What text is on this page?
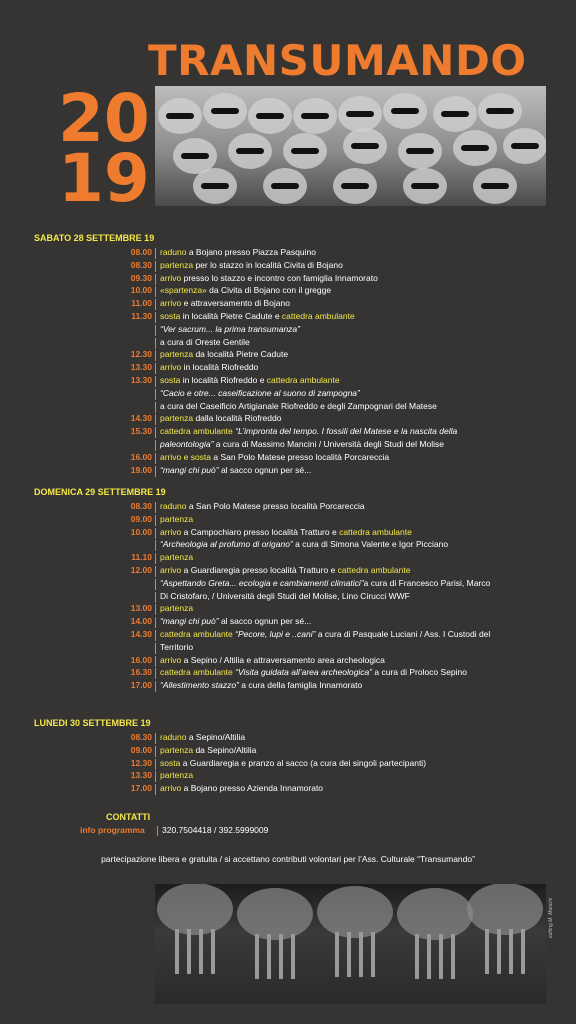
TRANSUMANDO
20
19
SABATO 28 SETTEMBRE 19
08.00 raduno a Bojano presso Piazza Pasquino
08.30 partenza per lo stazzo in località Civita di Bojano
09.30 arrivo presso lo stazzo e incontro con famiglia Innamorato
10.00 «spartenza» da Civita di Bojano con il gregge
11.00 arrivo e attraversamento di Bojano
11.30 sosta in località Pietre Cadute e cattedra ambulante
“Ver sacrum... la prima transumanza”
a cura di Oreste Gentile
12.30 partenza da località Pietre Cadute
13.30 arrivo in località Riofreddo
13.30 sosta in località Riofreddo e cattedra ambulante
“Cacio e otre... caseificazione al suono di zampogna”
a cura del Caseificio Artigianale Riofreddo e degli Zampognari del Matese
14.30 partenza dalla località Riofreddo
15.30 cattedra ambulante “L’impronta del tempo. I fossili del Matese e la nascita della
paleontologia” a cura di Massimo Mancini / Università degli Studi del Molise
16.00 arrivo e sosta a San Polo Matese presso località Porcareccia
19.00 “mangi chi può” al sacco ognun per sé...
DOMENICA 29 SETTEMBRE 19
08.30 raduno a San Polo Matese presso località Porcareccia
09.00 partenza
10.00 arrivo a Campochiaro presso località Tratturo e cattedra ambulante
“Archeologia al profumo di origano” a cura di Simona Valente e Igor Picciano
11.10 partenza
12.00 arrivo a Guardiaregia presso località Tratturo e cattedra ambulante
“Aspettando Greta... ecologia e cambiamenti climatici”a cura di Francesco Parisi, Marco
Di Cristofaro, / Università degli Studi del Molise, Lino Cirucci WWF
13.00 partenza
14.00 “mangi chi può” al sacco ognun per sé...
14.30 cattedra ambulante “Pecore, lupi e ..cani” a cura di Pasquale Luciani / Ass. I Custodi del
Territorio
16.00 arrivo a Sepino / Altilia e attraversamento area archeologica
16.30 cattedra ambulante “Visita guidata all’area archeologica” a cura di Proloco Sepino
17.00 “Allestimento stazzo” a cura della famiglia Innamorato
LUNEDI 30 SETTEMBRE 19
08.30 raduno a Sepino/Altilia
09.00 partenza da Sepino/Altilia
12.30 sosta a Guardiaregia e pranzo al sacco (a cura dei singoli partecipanti)
13.30 partenza
17.00 arrivo a Bojano presso Azienda Innamorato
CONTATTI
info programma 320.7504418 / 392.5999009
partecipazione libera e gratuita / si accettano contributi volontari per l’Ass. Culturale “Transumando”
editing M. Mancini
